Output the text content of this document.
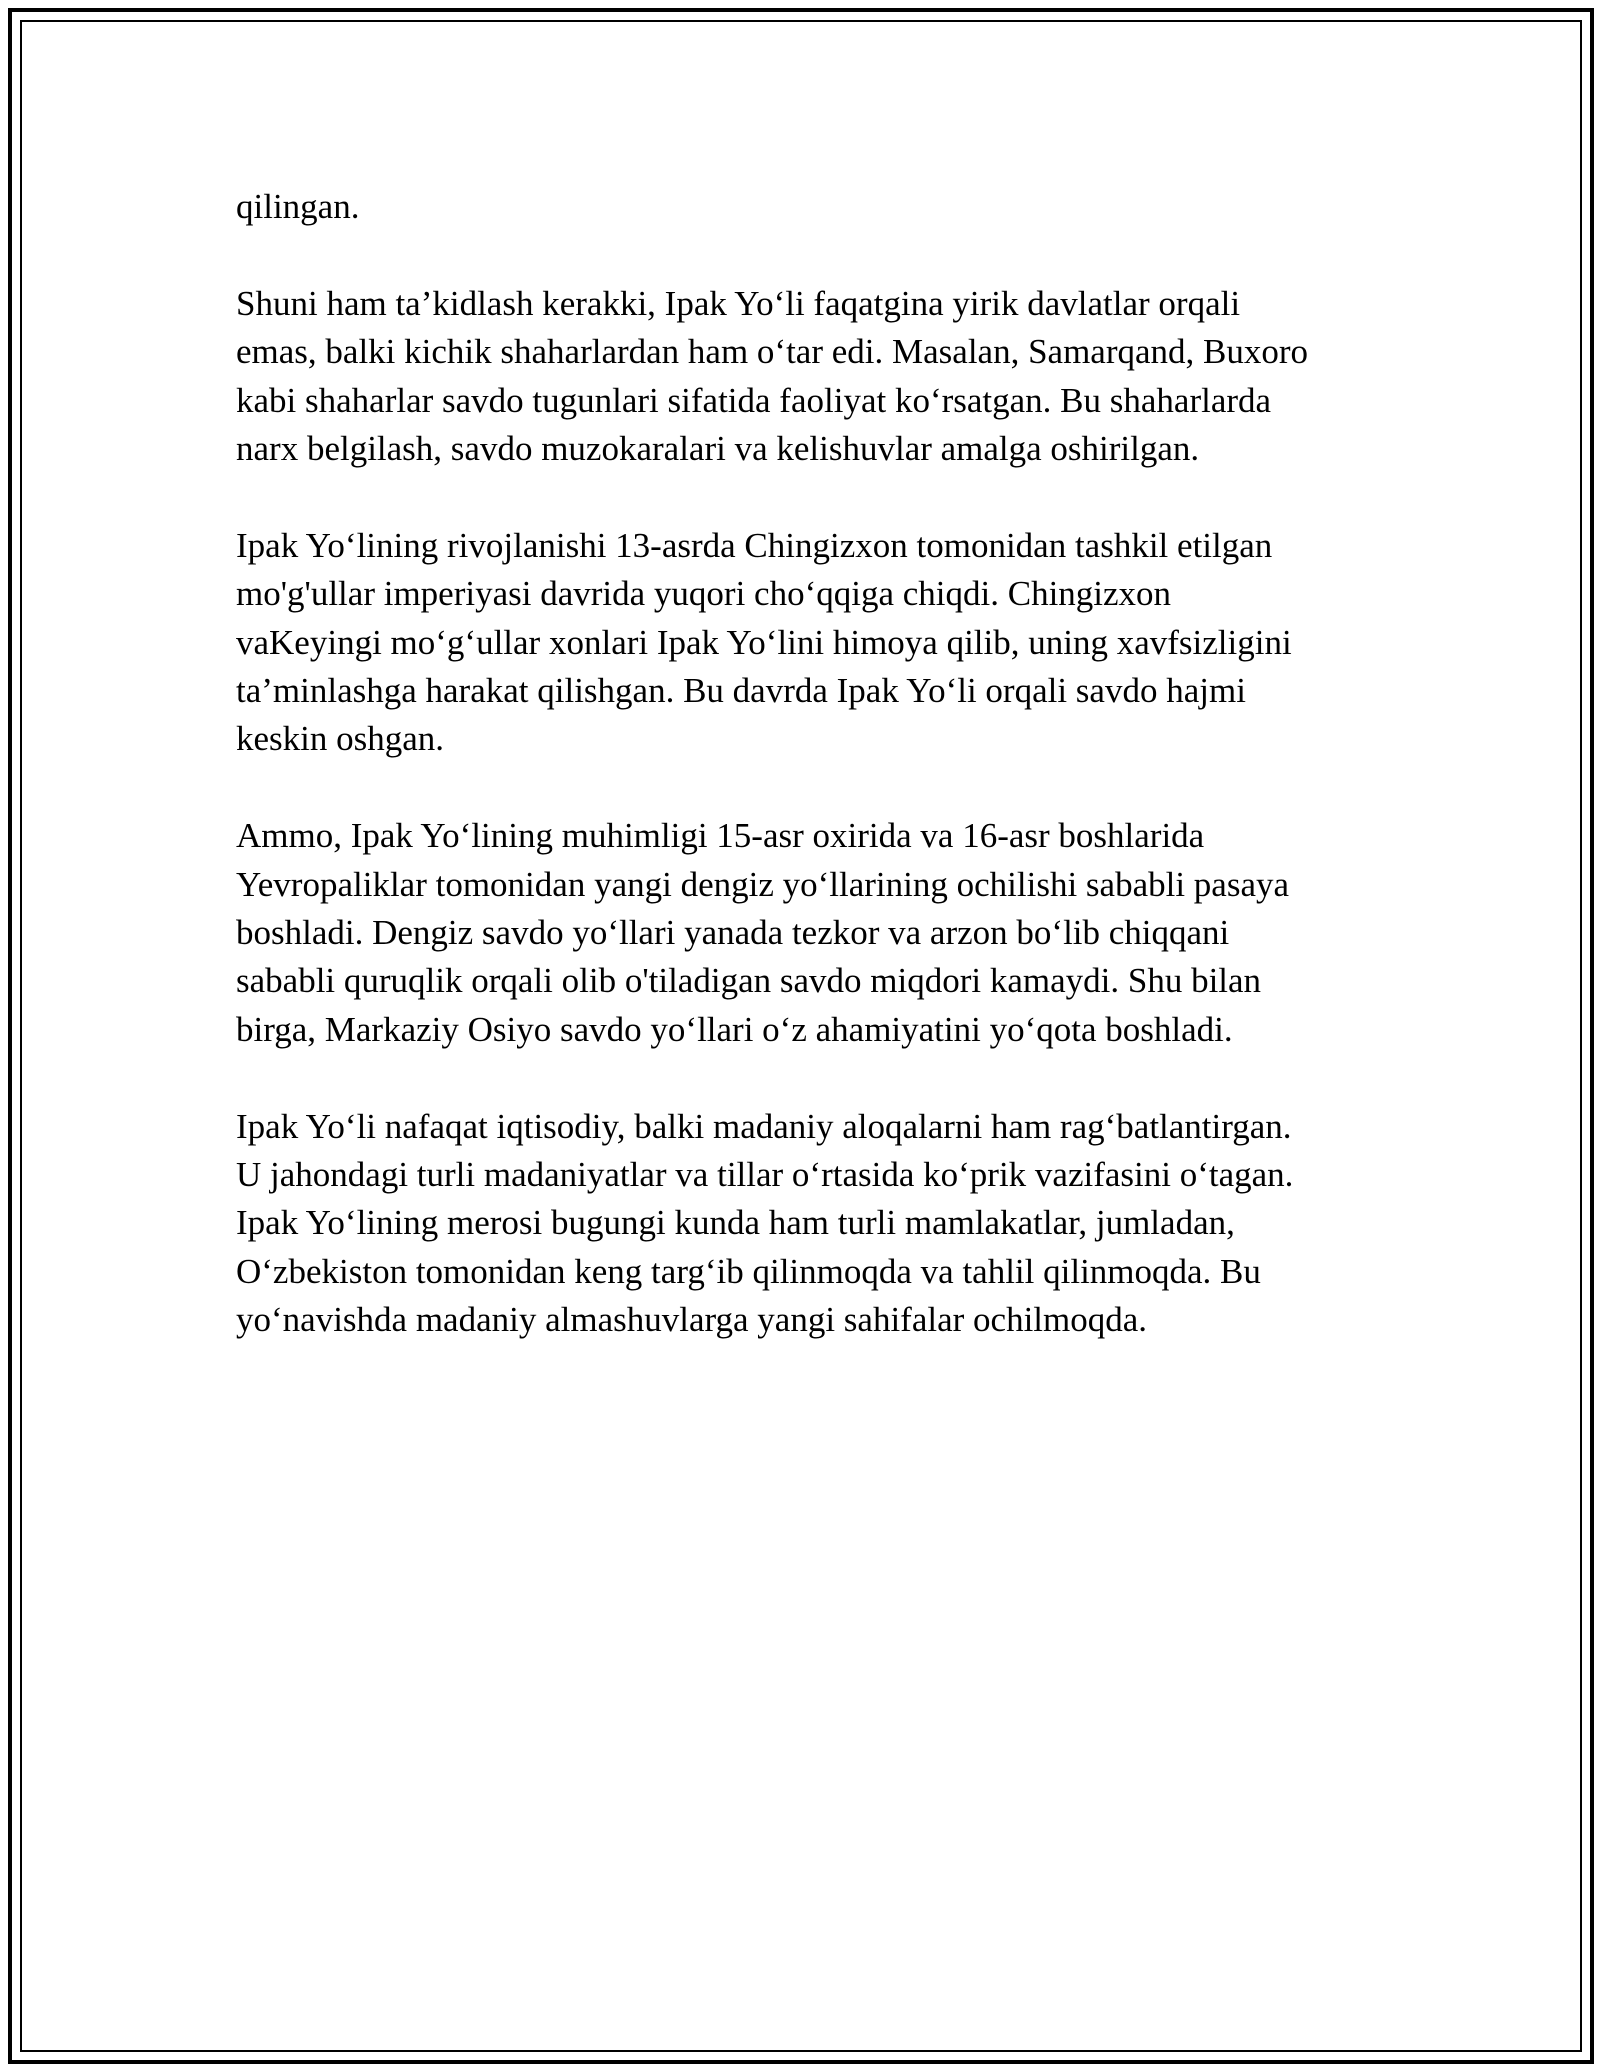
qilingan.

Shuni ham ta’kidlash kerakki, Ipak Yoʻli faqatgina yirik davlatlar orqali
emas, balki kichik shaharlardan ham oʻtar edi. Masalan, Samarqand, Buxoro
kabi shaharlar savdo tugunlari sifatida faoliyat koʻrsatgan. Bu shaharlarda
narx belgilash, savdo muzokaralari va kelishuvlar amalga oshirilgan.

Ipak Yoʻlining rivojlanishi 13-asrda Chingizxon tomonidan tashkil etilgan
mo'g'ullar imperiyasi davrida yuqori choʻqqiga chiqdi. Chingizxon
vaKeyingi moʻgʻullar xonlari Ipak Yoʻlini himoya qilib, uning xavfsizligini
ta’minlashga harakat qilishgan. Bu davrda Ipak Yoʻli orqali savdo hajmi
keskin oshgan.

Ammo, Ipak Yoʻlining muhimligi 15-asr oxirida va 16-asr boshlarida
Yevropaliklar tomonidan yangi dengiz yoʻllarining ochilishi sababli pasaya
boshladi. Dengiz savdo yoʻllari yanada tezkor va arzon boʻlib chiqqani
sababli quruqlik orqali olib o'tiladigan savdo miqdori kamaydi. Shu bilan
birga, Markaziy Osiyo savdo yoʻllari oʻz ahamiyatini yoʻqota boshladi.

Ipak Yoʻli nafaqat iqtisodiy, balki madaniy aloqalarni ham ragʻbatlantirgan.
U jahondagi turli madaniyatlar va tillar oʻrtasida koʻprik vazifasini oʻtagan.
Ipak Yoʻlining merosi bugungi kunda ham turli mamlakatlar, jumladan,
Oʻzbekiston tomonidan keng targʻib qilinmoqda va tahlil qilinmoqda. Bu
yoʻnavishda madaniy almashuvlarga yangi sahifalar ochilmoqda.
